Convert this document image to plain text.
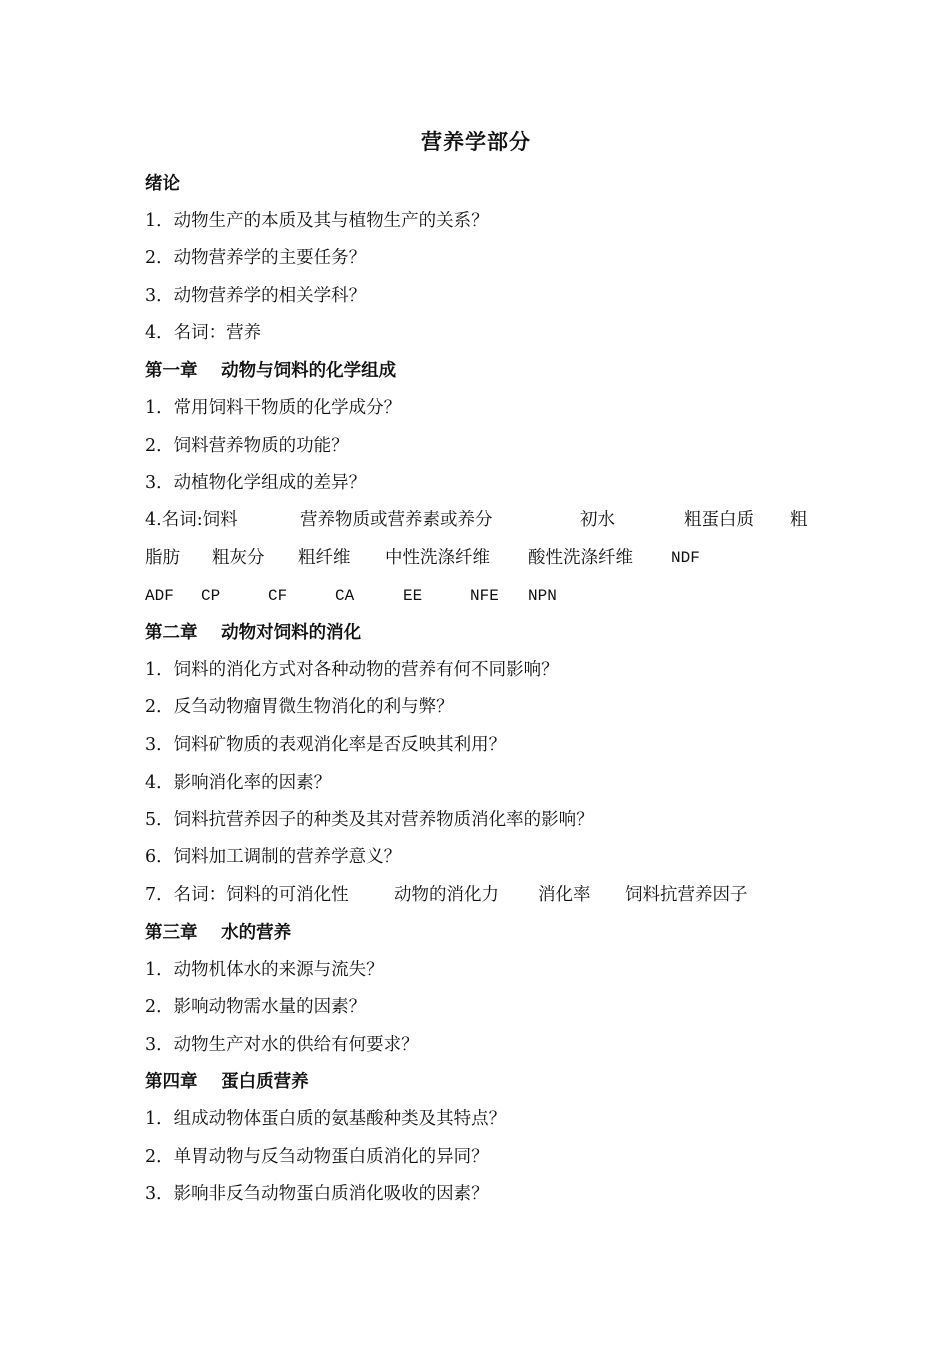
营养学部分
绪论
1．动物生产的本质及其与植物生产的关系？
2．动物营养学的主要任务？
3．动物营养学的相关学科？
4．名词：营养
第一章　 动物与饲料的化学组成
1．常用饲料干物质的化学成分？
2．饲料营养物质的功能？
3．动植物化学组成的差异？

4.名词:饲料

	营养物质或营养素或养分

	初水

	粗蛋白质

粗

脂肪

粗灰分

粗纤维

中性洗涤纤维

酸性洗涤纤维

NDF

ADF

CP

	CF

	CA

	EE

	NFE

NPN

第二章　 动物对饲料的消化
1．饲料的消化方式对各种动物的营养有何不同影响？
2．反刍动物瘤胃微生物消化的利与弊？
3．饲料矿物质的表观消化率是否反映其利用？
4．影响消化率的因素？
5．饲料抗营养因子的种类及其对营养物质消化率的影响？
6．饲料加工调制的营养学意义？

7．名词：饲料的可消化性

	动物的消化力

消化率

饲料抗营养因子

第三章　 水的营养
1．动物机体水的来源与流失？
2．影响动物需水量的因素？
3．动物生产对水的供给有何要求？
第四章　 蛋白质营养
1．组成动物体蛋白质的氨基酸种类及其特点？
2．单胃动物与反刍动物蛋白质消化的异同？
3．影响非反刍动物蛋白质消化吸收的因素？
